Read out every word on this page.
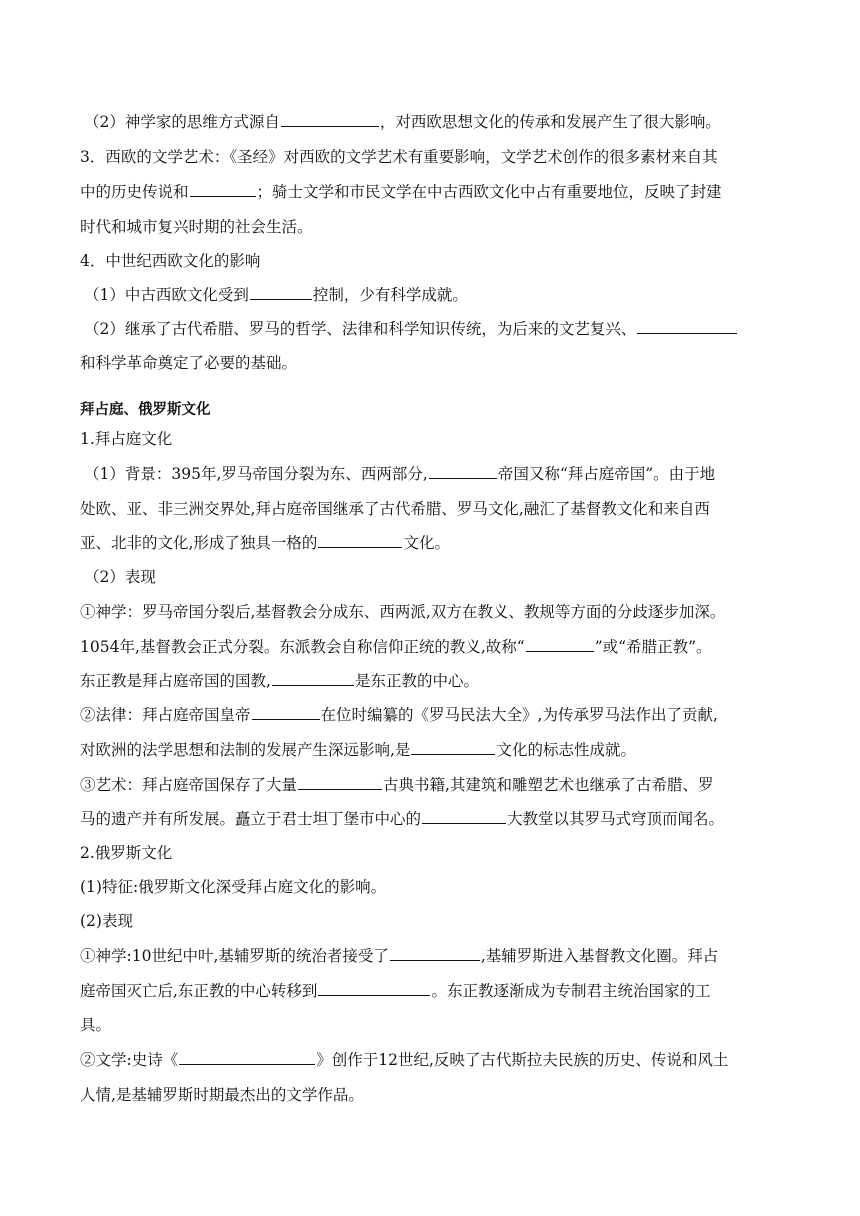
（2）神学家的思维方式源自	，对西欧思想文化的传承和发展产生了很大影响。
3．西欧的文学艺术：《圣经》对西欧的文学艺术有重要影响，文学艺术创作的很多素材来自其
中的历史传说和	；骑士文学和市民文学在中古西欧文化中占有重要地位，反映了封建
时代和城市复兴时期的社会生活。
4．中世纪西欧文化的影响
（1）中古西欧文化受到	控制，少有科学成就。
（2）继承了古代希腊、罗马的哲学、法律和科学知识传统，为后来的文艺复兴、
和科学革命奠定了必要的基础。
拜占庭、俄罗斯文化
1.拜占庭文化
（1）背景：395年,罗马帝国分裂为东、西两部分,	帝国又称“拜占庭帝国”。由于地
处欧、亚、非三洲交界处,拜占庭帝国继承了古代希腊、罗马文化,融汇了基督教文化和来自西
亚、北非的文化,形成了独具一格的	文化。
（2）表现
①神学：罗马帝国分裂后,基督教会分成东、西两派,双方在教义、教规等方面的分歧逐步加深。
1054年,基督教会正式分裂。东派教会自称信仰正统的教义,故称“	”或“希腊正教”。
东正教是拜占庭帝国的国教,	是东正教的中心。
②法律：拜占庭帝国皇帝	在位时编纂的《罗马民法大全》,为传承罗马法作出了贡献,
对欧洲的法学思想和法制的发展产生深远影响,是	文化的标志性成就。
③艺术：拜占庭帝国保存了大量	古典书籍,其建筑和雕塑艺术也继承了古希腊、罗
马的遗产并有所发展。矗立于君士坦丁堡市中心的	大教堂以其罗马式穹顶而闻名。
2.俄罗斯文化
(1)特征:俄罗斯文化深受拜占庭文化的影响。
(2)表现
①神学:10世纪中叶,基辅罗斯的统治者接受了	,基辅罗斯进入基督教文化圈。拜占
庭帝国灭亡后,东正教的中心转移到	。东正教逐渐成为专制君主统治国家的工
具。
②文学:史诗《	》创作于12世纪,反映了古代斯拉夫民族的历史、传说和风土
人情,是基辅罗斯时期最杰出的文学作品。
